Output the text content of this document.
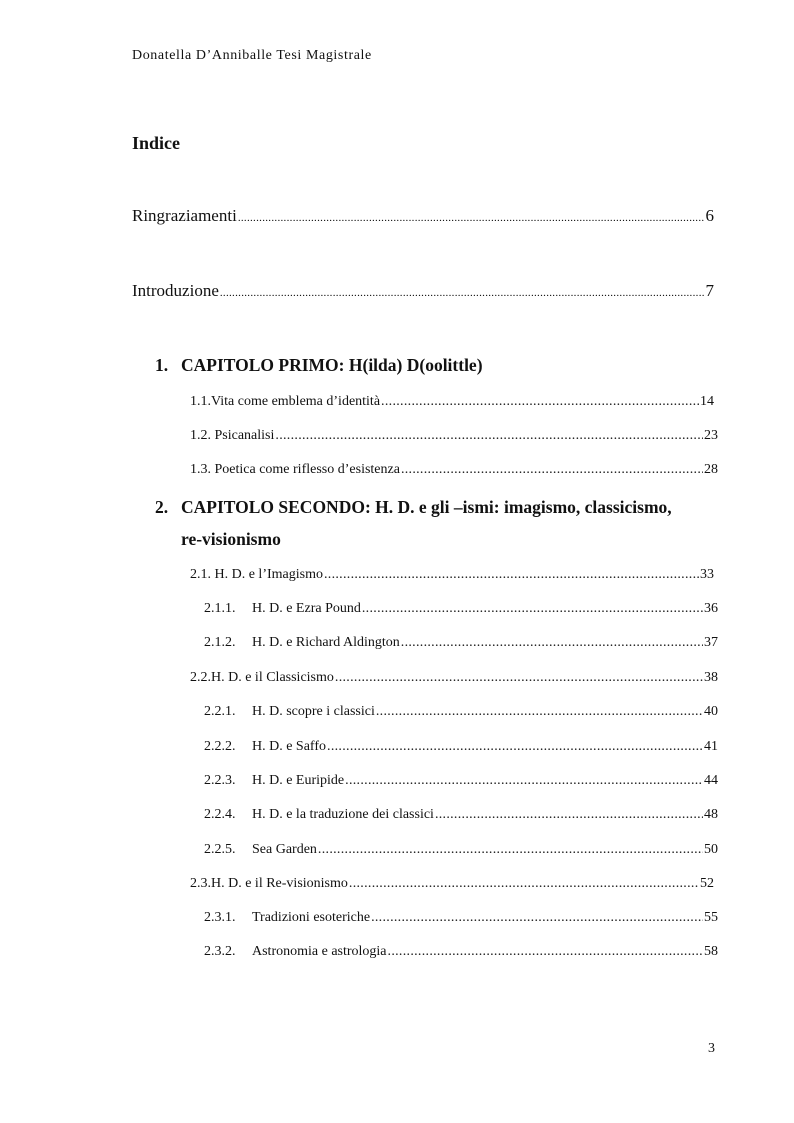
Donatella D’Anniballe Tesi Magistrale
Indice
Ringraziamenti .....	6
Introduzione .....	7
1. CAPITOLO PRIMO: H(ilda) D(oolittle)
1.1.Vita come emblema d’identità .....	14
1.2. Psicanalisi .....	23
1.3. Poetica come riflesso d’esistenza .....	28
2. CAPITOLO SECONDO: H. D. e gli –ismi: imagismo, classicismo,
re-visionismo
2.1. H. D. e l’Imagismo .....	33
2.1.1. H. D. e Ezra Pound .....	36
2.1.2. H. D. e Richard Aldington .....	37
2.2.H. D. e il Classicismo .....	38
2.2.1. H. D. scopre i classici .....	40
2.2.2. H. D. e Saffo .....	41
2.2.3. H. D. e Euripide .....	44
2.2.4. H. D. e la traduzione dei classici .....	48
2.2.5. Sea Garden .....	50
2.3.H. D. e il Re-visionismo .....	52
2.3.1. Tradizioni esoteriche .....	55
2.3.2. Astronomia e astrologia .....	58
3
